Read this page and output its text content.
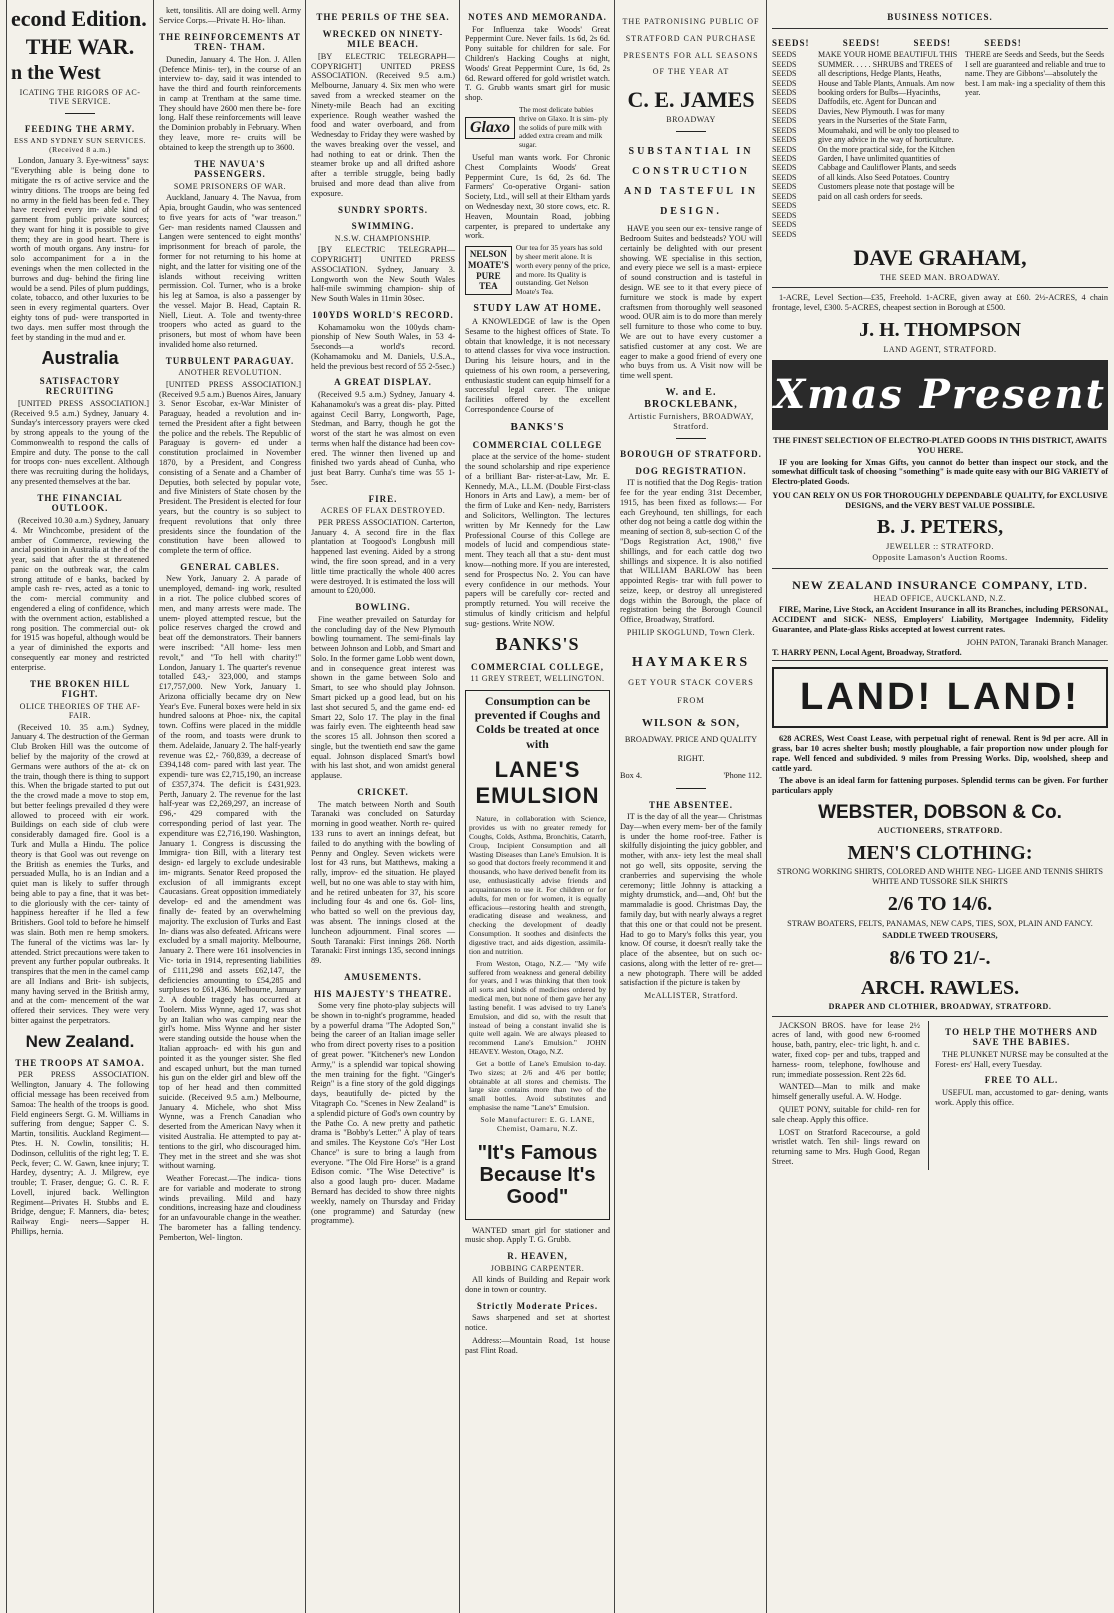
econd Edition.
THE WAR.
n the West
ICATING THE RIGORS OF AC- TIVE SERVICE.
FEEDING THE ARMY.
ESS AND SYDNEY SUN SERVICES. (Received 8 a.m.)

London, January 3. Eye-witness" says: "Everything able is being done to mitigate the rs of active service and the wintry ditions. The troops are being fed no army in the field has been fed e. They have received every im- able kind of garment from public private sources; they want for hing it is possible to give them; they are in good heart. There is worth of mouth organs. Any instru- for solo accompaniment for a in the evenings when the men collected in the burrows and dug- behind the firing line would be a send. Piles of plum puddings, colate, tobacco, and other luxuries to be seen in every regimental quarters. Over eighty tons of pud- were transported in two days. men suffer most through the feet by standing in the mud and er.

Australia
SATISFACTORY RECRUITING

[UNITED PRESS ASSOCIATION.] (Received 9.5 a.m.) Sydney, January 4. Sunday's intercessory prayers were cked by strong appeals to the young of the Commonwealth to respond the calls of Empire and duty. The ponse to the call for troops con- nues excellent. Although there was recruiting during the holidays, any presented themselves at the bar.

THE FINANCIAL OUTLOOK.

(Received 10.30 a.m.) Sydney, January 4. Mr Winchcombe, president of the amber of Commerce, reviewing the ancial position in Australia at the d of the year, said that after the st threatened panic on the outbreak war, the calm strong attitude of e banks, backed by ample cash re- rves, acted as a tonic to the com- mercial community and engendered a eling of confidence, which with the overnment action, established a rong position. The commercial out- ok for 1915 was hopeful, although would be a year of diminished the exports and consequently ear money and restricted enterprise.

THE BROKEN HILL FIGHT.
OLICE THEORIES OF THE AF- FAIR.

(Received 10. 35 a.m.) Sydney, January 4. The destruction of the German Club Broken Hill was the outcome of belief by the majority of the crowd at Germans were authors of the at- ck on the train, though there is thing to support this. When the brigade started to put out the the crowd made a move to stop em, but better feelings prevailed d they were allowed to proceed with eir work. Buildings on each side of club were considerably damaged fire. Gool is a Turk and Mulla a Hindu. The police theory is that Gool was out revenge on the British as enemies the Turks, and persuaded Mulla, ho is an Indian and a quiet man is likely to suffer through being able to pay a fine, that it was bet- to die gloriously with the cer- tainty of happiness hereafter if he lled a few Britishers. Gool told to before he himself was slain. Both men re hemp smokers. The funeral of the victims was lar- ly attended. Strict precautions were taken to prevent any further popular outbreaks. It transpires that the men in the camel camp are all Indians and Brit- ish subjects, many having served in the British army, and at the com- mencement of the war offered their services. They were very bitter against the perpetrators.

New Zealand.
THE TROOPS AT SAMOA.

PER PRESS ASSOCIATION. Wellington, January 4. The following official message has been received from Samoa: The health of the troops is good. Field engineers Sergt. G. M. Williams in suffering from dengue; Sapper C. S. Martin, tonsilitis. Auckland Regiment—Ptes. H. N. Cowlin, tonsilitis; H. Dodinson, cellulitis of the right leg; T. E. Peck, fever; C. W. Gawn, knee injury; T. Hardey, dysentry; A. J. Milgrew, eye trouble; T. Fraser, dengue; G. C. R. F. Lovell, injured back. Wellington Regiment—Privates H. Stubbs and E. Bridge, dengue; F. Manners, dia- betes; Railway Engi- neers—Sapper H. Phillips, hernia.

kett, tonsilitis. All are doing well. Army Service Corps.—Private H. Ho- lihan.

THE REINFORCEMENTS AT TREN- THAM.

Dunedin, January 4. The Hon. J. Allen (Defence Minis- ter), in the course of an interview to- day, said it was intended to have the third and fourth reinforcements in camp at Trentham at the same time. They should have 2600 men there be- fore long. Half these reinforcements will leave the Dominion probably in February. When they leave, more re- cruits will be obtained to keep the strength up to 3600.

THE NAVUA'S PASSENGERS.
SOME PRISONERS OF WAR.

Auckland, January 4. The Navua, from Apia, brought Gaudin, who was sentenced to five years for acts of "war treason." Ger- man residents named Claussen and Langen were sentenced to eight months' imprisonment for breach of parole, the former for not returning to his home at night, and the latter for visiting one of the islands without receiving written permission. Col. Turner, who is a broke his leg at Samoa, is also a passenger by the vessel. Major B. Head, Captain R. Niell, Lieut. A. Tole and twenty-three troopers who acted as guard to the prisoners, but most of whom have been invalided home also returned.

TURBULENT PARAGUAY.
ANOTHER REVOLUTION.

[UNITED PRESS ASSOCIATION.] (Received 9.5 a.m.) Buenos Aires, January 3. Senor Escobar, ex-War Minister of Paraguay, headed a revolution and in- terned the President after a fight between the police and the rebels. The Republic of Paraguay is govern- ed under a constitution proclaimed in November 1870, by a President, and Congress consisting of a Senate and a Chamber of Deputies, both selected by popular vote, and five Ministers of State chosen by the President. The President is elected for four years, but the country is so subject to frequent revolutions that only three presidents since the foundation of the constitution have been allowed to complete the term of office.

GENERAL CABLES.

New York, January 2. A parade of unemployed, demand- ing work, resulted in a riot. The police clubbed scores of men, and many arrests were made. The unem- ployed attempted rescue, but the police reserves charged the crowd and beat off the demonstrators. Their banners were inscribed: "All home- less men revolt," and "To hell with charity!" London, January 1. The quarter's revenue totalled £43,- 323,000, and stamps £17,757,000. New York, January 1. Arizona officially became dry on New Year's Eve. Funeral boxes were held in six hundred saloons at Phoe- nix, the capital town. Coffins were placed in the middle of the room, and toasts were drunk to them. Adelaide, January 2. The half-yearly revenue was £2,- 760,839, a decrease of £394,148 com- pared with last year. The expendi- ture was £2,715,190, an increase of £357,374. The deficit is £431,923. Perth, January 2. The revenue for the last half-year was £2,269,297, an increase of £96,- 429 compared with the corresponding period of last year. The expenditure was £2,716,190. Washington, January 1. Congress is discussing the Immigra- tion Bill, with a literary test design- ed largely to exclude undesirable im- migrants. Senator Reed proposed the exclusion of all immigrants except Caucasians. Great opposition immediately develop- ed and the amendment was finally de- feated by an overwhelming majority. The exclusion of Turks and East In- dians was also defeated. Africans were excluded by a small majority. Melbourne, January 2. There were 161 insolvencies in Vic- toria in 1914, representing liabilities of £111,298 and assets £62,147, the deficiencies amounting to £54,285 and surpluses to £61,436. Melbourne, January 2. A double tragedy has occurred at Toolern. Miss Wynne, aged 17, was shot by an Italian who was camping near the girl's home. Miss Wynne and her sister were standing outside the house when the Italian approach- ed with his gun and pointed it as the younger sister. She fled and escaped unhurt, but the man turned his gun on the elder girl and blew off the top of her head and then committed suicide. (Received 9.5 a.m.) Melbourne, January 4. Michele, who shot Miss Wynne, was a French Canadian who deserted from the American Navy when it visited Australia. He attempted to pay at- tentions to the girl, who discouraged him. They met in the street and she was shot without warning.

Weather Forecast.—The indica- tions are for variable and moderate to strong winds prevailing. Mild and hazy conditions, increasing haze and cloudiness for an unfavourable change in the weather. The barometer has a falling tendency. Pemberton, Wel- lington.

THE PERILS OF THE SEA.
WRECKED ON NINETY-MILE BEACH.

[BY ELECTRIC TELEGRAPH—COPYRIGHT] UNITED PRESS ASSOCIATION. (Received 9.5 a.m.) Melbourne, January 4. Six men who were saved from a wrecked steamer on the Ninety-mile Beach had an exciting experience. Rough weather washed the food and water overboard, and from Wednesday to Friday they were washed by the waves breaking over the vessel, and had nothing to eat or drink. Then the steamer broke up and all drifted ashore after a terrible struggle, being badly bruised and more dead than alive from exposure.

SUNDRY SPORTS.
SWIMMING.
N.S.W. CHAMPIONSHIP.

[BY ELECTRIC TELEGRAPH—COPYRIGHT] UNITED PRESS ASSOCIATION. Sydney, January 3. Longworth won the New South Wales half-mile swimming champion- ship of New South Wales in 11min 30sec.

100YDS WORLD'S RECORD.

Kohamamoku won the 100yds cham- pionship of New South Wales, in 53 4-5seconds—a world's record. (Kohamamoku and M. Daniels, U.S.A., held the previous best record of 55 2-5sec.)

A GREAT DISPLAY.

(Received 9.5 a.m.) Sydney, January 4. Kahanamoku's was a great dis- play. Pitted against Cecil Barry, Longworth, Page, Stedman, and Barry, though he got the worst of the start he was almost on even terms when half the distance had been cov- ered. The winner then livened up and finished two yards ahead of Cunha, who just beat Barry. Cunha's time was 55 1-5sec.

FIRE.
ACRES OF FLAX DESTROYED.

PER PRESS ASSOCIATION. Carterton, January 4. A second fire in the flax plantation at Toogood's Longbush mill happened last evening. Aided by a strong wind, the fire soon spread, and in a very little time practically the whole 400 acres were destroyed. It is estimated the loss will amount to £20,000.

BOWLING.

Fine weather prevailed on Saturday for the concluding day of the New Plymouth bowling tournament. The semi-finals lay between Johnson and Lobb, and Smart and Solo. In the former game Lobb went down, and in consequence great interest was shown in the game between Solo and Smart, to see who should play Johnson. Smart picked up a good lead, but on his last shot secured 5, and the game end- ed Smart 22, Solo 17. The play in the final was fairly even. The eighteenth head saw the scores 15 all. Johnson then scored a single, but the twentieth end saw the game equal. Johnson displaced Smart's bowl with his last shot, and won amidst general applause.

CRICKET.

The match between North and South Taranaki was concluded on Saturday morning in good weather. North re- quired 133 runs to avert an innings defeat, but failed to do anything with the bowling of Penny and Ongley. Seven wickets were lost for 43 runs, but Matthews, making a rally, improv- ed the situation. He played well, but no one was able to stay with him, and he retired unbeaten for 37, his score including four 4s and one 6s. Gol- lins, who batted so well on the previous day, was absent. The innings closed at the luncheon adjournment. Final scores — South Taranaki: First innings 268. North Taranaki: First innings 135, second innings 89.

AMUSEMENTS.
HIS MAJESTY'S THEATRE.

Some very fine photo-play subjects will be shown in to-night's programme, headed by a powerful drama "The Adopted Son," being the career of an Italian image seller who from direct poverty rises to a position of great power. "Kitchener's new London Army," is a splendid war topical showing the men training for the fight. "Ginger's Reign" is a fine story of the gold diggings days, beautifully de- picted by the Vitagraph Co. "Scenes in New Zealand" is a splendid picture of God's own country by the Pathe Co. A new pretty and pathetic drama is "Bobby's Letter." A play of tears and smiles. The Keystone Co's "Her Lost Chance" is sure to bring a laugh from everyone. "The Old Fire Horse" is a grand Edison comic. "The Wise Detective" is also a good laugh pro- ducer. Madame Bernard has decided to show three nights weekly, namely on Thursday and Friday (one programme) and Saturday (new programme).

NOTES AND MEMORANDA.

For Influenza take Woods' Great Peppermint Cure. Never fails. 1s 6d, 2s 6d. Pony suitable for children for sale. For Children's Hacking Coughs at night, Woods' Great Peppermint Cure, 1s 6d, 2s 6d. Reward offered for gold wristlet watch. T. G. Grubb wants smart girl for music shop.

Glaxo
The most delicate babies thrive on Glaxo. It is sim- ply the solids of pure milk with added extra cream and milk sugar.

Useful man wants work. For Chronic Chest Complaints Woods' Great Peppermint Cure, 1s 6d, 2s 6d. The Farmers' Co-operative Organi- sation Society, Ltd., will sell at their Eltham yards on Wednesday next, 30 store cows, etc. R. Heaven, Mountain Road, jobbing carpenter, is prepared to undertake any work.

NELSON MOATE'S PURE TEA
Our tea for 35 years has sold by sheer merit alone. It is worth every penny of the price, and more. Its Quality is outstanding. Get Nelson Moate's Tea.
STUDY LAW AT HOME.

A KNOWLEDGE of law is the Open Sesame to the highest offices of State. To obtain that knowledge, it is not necessary to attend classes for viva voce instruction. During his leisure hours, and in the quietness of his own room, a persevering, enthusiastic student can equip himself for a successful legal career. The unique facilities offered by the excellent Correspondence Course of

BANKS'S
COMMERCIAL COLLEGE

place at the service of the home- student the sound scholarship and ripe experience of a brilliant Bar- rister-at-Law, Mr. E. Kennedy, M.A., LL.M. (Double First-class Honors in Arts and Law), a mem- ber of the firm of Luke and Ken- nedy, Barristers and Solicitors, Wellington. The lectures written by Mr Kennedy for the Law Professional Course of this College are models of lucid and compendious state- ment. They teach all that a stu- dent must know—nothing more. If you are interested, send for Prospectus No. 2. You can have every confidence in our methods. Your papers will be carefully cor- rected and promptly returned. You will receive the stimulus of kindly criticism and helpful sug- gestions. Write NOW.

BANKS'S
COMMERCIAL COLLEGE,
11 GREY STREET, WELLINGTON.
Consumption can be prevented if Coughs and Colds be treated at once with
LANE'S EMULSION

Nature, in collaboration with Science, provides us with no greater remedy for Coughs, Colds, Asthma, Bronchitis, Catarrh, Croup, Incipient Consumption and all Wasting Diseases than Lane's Emulsion. It is so good that doctors freely recommend it and thousands, who have derived benefit from its use, enthusiastically advise friends and acquaintances to use it. For children or for adults, for men or for women, it is equally efficacious—restoring health and strength, eradicating disease and weakness, and checking the development of deadly Consumption. It soothes and disinfects the digestive tract, and aids digestion, assimila- tion and nutrition.

From Weston, Otago, N.Z.— "My wife suffered from weakness and general debility for years, and I was thinking that then took all sorts and kinds of medicines ordered by medical men, but none of them gave her any lasting benefit. I was advised to try Lane's Emulsion, and did so, with the result that instead of being a constant invalid she is quite well again. We are always pleased to recommend Lane's Emulsion." JOHN HEAVEY. Weston, Otago, N.Z.

Get a bottle of Lane's Emulsion to-day. Two sizes; at 2/6 and 4/6 per bottle; obtainable at all stores and chemists. The large size contains more than two of the small bottles. Avoid substitutes and emphasise the name "Lane's" Emulsion.

Sole Manufacturer: E. G. LANE, Chemist, Oamaru, N.Z.
"It's Famous Because It's Good"

WANTED smart girl for stationer and music shop. Apply T. G. Grubb.

R. HEAVEN,
JOBBING CARPENTER.

All kinds of Building and Repair work done in town or country.

Strictly Moderate Prices.

Saws sharpened and set at shortest notice.

Address:—Mountain Road, 1st house past Flint Road.

THE PATRONISING PUBLIC OF STRATFORD CAN PURCHASE PRESENTS FOR ALL SEASONS OF THE YEAR AT
C. E. JAMES
BROADWAY
SUBSTANTIAL IN CONSTRUCTION AND TASTEFUL IN DESIGN.

HAVE you seen our ex- tensive range of Bedroom Suites and bedsteads? YOU will certainly be delighted with our present showing. WE specialise in this section, and every piece we sell is a mast- erpiece of sound construction and is tasteful in design. WE see to it that every piece of furniture we stock is made by expert craftsmen from thoroughly well seasoned wood. OUR aim is to do more than merely sell furniture to those who come to buy. We are out to have every customer a satisfied customer at any cost. We are eager to make a good friend of every one who buys from us. A Visit now will be time well spent.

W. and E. BROCKLEBANK,
Artistic Furnishers, BROADWAY, Stratford.
BOROUGH OF STRATFORD.
DOG REGISTRATION.

IT is notified that the Dog Regis- tration fee for the year ending 31st December, 1915, has been fixed as follows:— For each Greyhound, ten shillings, for each other dog not being a cattle dog within the meaning of section 8, sub-section C of the "Dogs Registration Act, 1908," five shillings, and for each cattle dog two shillings and sixpence. It is also notified that WILLIAM BARLOW has been appointed Regis- trar with full power to seize, keep, or destroy all unregistered dogs within the Borough, the place of registration being the Borough Council Office, Broadway, Stratford.

PHILIP SKOGLUND, Town Clerk.
HAYMAKERS
GET YOUR STACK COVERS FROM
WILSON & SON,
BROADWAY. PRICE AND QUALITY RIGHT.
Box 4.	'Phone 112.
THE ABSENTEE.

IT is the day of all the year— Christmas Day—when every mem- ber of the family is under the home roof-tree. Father is skilfully disjointing the juicy gobbler, and mother, with anx- iety lest the meal shall not go well, sits opposite, serving the cranberries and supervising the whole ceremony; little Johnny is attacking a mighty drumstick, and—and, Oh! but the mammaladie is good. Christmas Day, the family day, but with nearly always a regret that this one or that could not be present. Had to go to Mary's folks this year, you know. Of course, it doesn't really take the place of the absentee, but on such oc- casions, along with the letter of re- gret—a new photograph. There will be added satisfaction if the picture is taken by

McALLISTER, Stratford.
BUSINESS NOTICES.
SEEDS! SEEDS! SEEDS! SEEDS!
SEEDS
SEEDS
SEEDS
SEEDS
SEEDS
SEEDS
SEEDS
SEEDS
SEEDS
SEEDS
SEEDS
SEEDS
SEEDS
SEEDS
SEEDS
SEEDS
SEEDS
SEEDS
SEEDS
SEEDS
MAKE YOUR HOME BEAUTIFUL THIS SUMMER. . . . . SHRUBS and TREES of all descriptions, Hedge Plants, Heaths, House and Table Plants, Annuals. Am now booking orders for Bulbs—Hyacinths, Daffodils, etc. Agent for Duncan and Davies, New Plymouth. I was for many years in the Nurseries of the State Farm, Moumahaki, and will be only too pleased to give any advice in the way of horticulture. On the more practical side, for the Kitchen Garden, I have unlimited quantities of Cabbage and Cauliflower Plants, and seeds of all kinds. Also Seed Potatoes. Country Customers please note that postage will be paid on all cash orders for seeds.
THERE are Seeds and Seeds, but the Seeds I sell are guaranteed and reliable and true to name. They are Gibbons'—absolutely the best. I am mak- ing a speciality of them this year.
DAVE GRAHAM,
THE SEED MAN. BROADWAY.

1-ACRE, Level Section—£35, Freehold. 1-ACRE, given away at £60. 2½-ACRES, 4 chain frontage, level, £300. 5-ACRES, cheapest section in Borough at £500.

J. H. THOMPSON
LAND AGENT, STRATFORD.
Xmas Present
THE FINEST SELECTION OF ELECTRO-PLATED GOODS IN THIS DISTRICT, AWAITS YOU HERE.

IF you are looking for Xmas Gifts, you cannot do better than inspect our stock, and the somewhat difficult task of choosing "something" is made quite easy with our BIG VARIETY of Electro-plated Goods.

YOU CAN RELY ON US FOR THOROUGHLY DEPENDABLE QUALITY, for EXCLUSIVE DESIGNS, and the VERY BEST VALUE POSSIBLE.
B. J. PETERS,
JEWELLER :: STRATFORD.
Opposite Lamason's Auction Rooms.
NEW ZEALAND INSURANCE COMPANY, LTD.
HEAD OFFICE, AUCKLAND, N.Z.

FIRE, Marine, Live Stock, an Accident Insurance in all its Branches, including PERSONAL, ACCIDENT and SICK- NESS, Employers' Liability, Mortgagee Indemnity, Fidelity Guarantee, and Plate-glass Risks accepted at lowest current rates.

JOHN PATON, Taranaki Branch Manager.
T. HARRY PENN, Local Agent, Broadway, Stratford.
LAND! LAND!

628 ACRES, West Coast Lease, with perpetual right of renewal. Rent is 9d per acre. All in grass, bar 10 acres shelter bush; mostly ploughable, a fair proportion now under plough for rape. Well fenced and subdivided. 9 miles from Pressing Works. Dip, woolshed, sheep and cattle yard.

The above is an ideal farm for fattening purposes. Splendid terms can be given. For further particulars apply

WEBSTER, DOBSON & Co.
AUCTIONEERS, STRATFORD.
MEN'S CLOTHING:
STRONG WORKING SHIRTS, COLORED AND WHITE NEG- LIGEE AND TENNIS SHIRTS WHITE AND TUSSORE SILK SHIRTS
2/6 TO 14/6.
STRAW BOATERS, FELTS, PANAMAS, NEW CAPS, TIES, SOX, PLAIN AND FANCY.
SADDLE TWEED TROUSERS,
8/6 TO 21/-.
ARCH. RAWLES.
DRAPER AND CLOTHIER, BROADWAY, STRATFORD.

JACKSON BROS. have for lease 2½ acres of land, with good new 6-roomed house, bath, pantry, elec- tric light, h. and c. water, fixed cop- per and tubs, trapped and harness- room, telephone, fowlhouse and run; immediate possession. Rent 22s 6d.

WANTED—Man to milk and make himself generally useful. A. W. Hodge.

QUIET PONY, suitable for child- ren for sale cheap. Apply this office.

LOST on Stratford Racecourse, a gold wristlet watch. Ten shil- lings reward on returning same to Mrs. Hugh Good, Regan Street.

TO HELP THE MOTHERS AND SAVE THE BABIES.

THE PLUNKET NURSE may be consulted at the Forest- ers' Hall, every Tuesday.

FREE TO ALL.

USEFUL man, accustomed to gar- dening, wants work. Apply this office.
